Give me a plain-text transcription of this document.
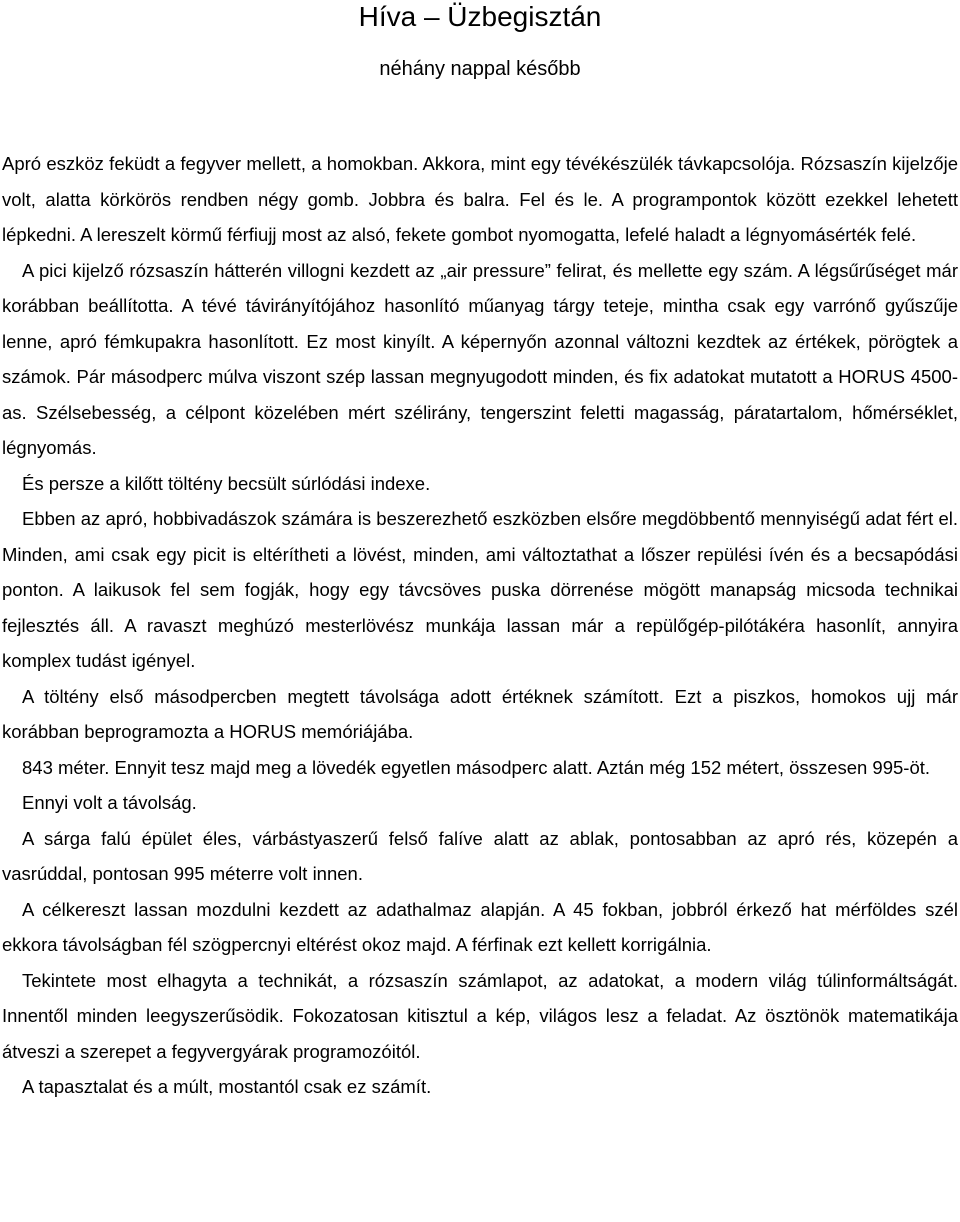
Híva – Üzbegisztán
néhány nappal később

Apró eszköz feküdt a fegyver mellett, a homokban. Akkora, mint egy tévékészülék távkapcsolója. Rózsaszín kijelzője volt, alatta körkörös rendben négy gomb. Jobbra és balra. Fel és le. A programpontok között ezekkel lehetett lépkedni. A lereszelt körmű férfiujj most az alsó, fekete gombot nyomogatta, lefelé haladt a légnyomásérték felé.

A pici kijelző rózsaszín hátterén villogni kezdett az „air pressure” felirat, és mellette egy szám. A légsűrűséget már korábban beállította. A tévé távirányítójához hasonlító műanyag tárgy teteje, mintha csak egy varrónő gyűszűje lenne, apró fémkupakra hasonlított. Ez most kinyílt. A képernyőn azonnal változni kezdtek az értékek, pörögtek a számok. Pár másodperc múlva viszont szép lassan megnyugodott minden, és fix adatokat mutatott a HORUS 4500-as. Szélsebesség, a célpont közelében mért szélirány, tengerszint feletti magasság, páratartalom, hőmérséklet, légnyomás.

És persze a kilőtt töltény becsült súrlódási indexe.

Ebben az apró, hobbivadászok számára is beszerezhető eszközben elsőre megdöbbentő mennyiségű adat fért el. Minden, ami csak egy picit is eltérítheti a lövést, minden, ami változtathat a lőszer repülési ívén és a becsapódási ponton. A laikusok fel sem fogják, hogy egy távcsöves puska dörrenése mögött manapság micsoda technikai fejlesztés áll. A ravaszt meghúzó mesterlövész munkája lassan már a repülőgép-pilótákéra hasonlít, annyira komplex tudást igényel.

A töltény első másodpercben megtett távolsága adott értéknek számított. Ezt a piszkos, homokos ujj már korábban beprogramozta a HORUS memóriájába.

843 méter. Ennyit tesz majd meg a lövedék egyetlen másodperc alatt. Aztán még 152 métert, összesen 995-öt.

Ennyi volt a távolság.

A sárga falú épület éles, várbástyaszerű felső falíve alatt az ablak, pontosabban az apró rés, közepén a vasrúddal, pontosan 995 méterre volt innen.

A célkereszt lassan mozdulni kezdett az adathalmaz alapján. A 45 fokban, jobbról érkező hat mérföldes szél ekkora távolságban fél szögpercnyi eltérést okoz majd. A férfinak ezt kellett korrigálnia.

Tekintete most elhagyta a technikát, a rózsaszín számlapot, az adatokat, a modern világ túlinformáltságát. Innentől minden leegyszerűsödik. Fokozatosan kitisztul a kép, világos lesz a feladat. Az ösztönök matematikája átveszi a szerepet a fegyvergyárak programozóitól.

A tapasztalat és a múlt, mostantól csak ez számít.
